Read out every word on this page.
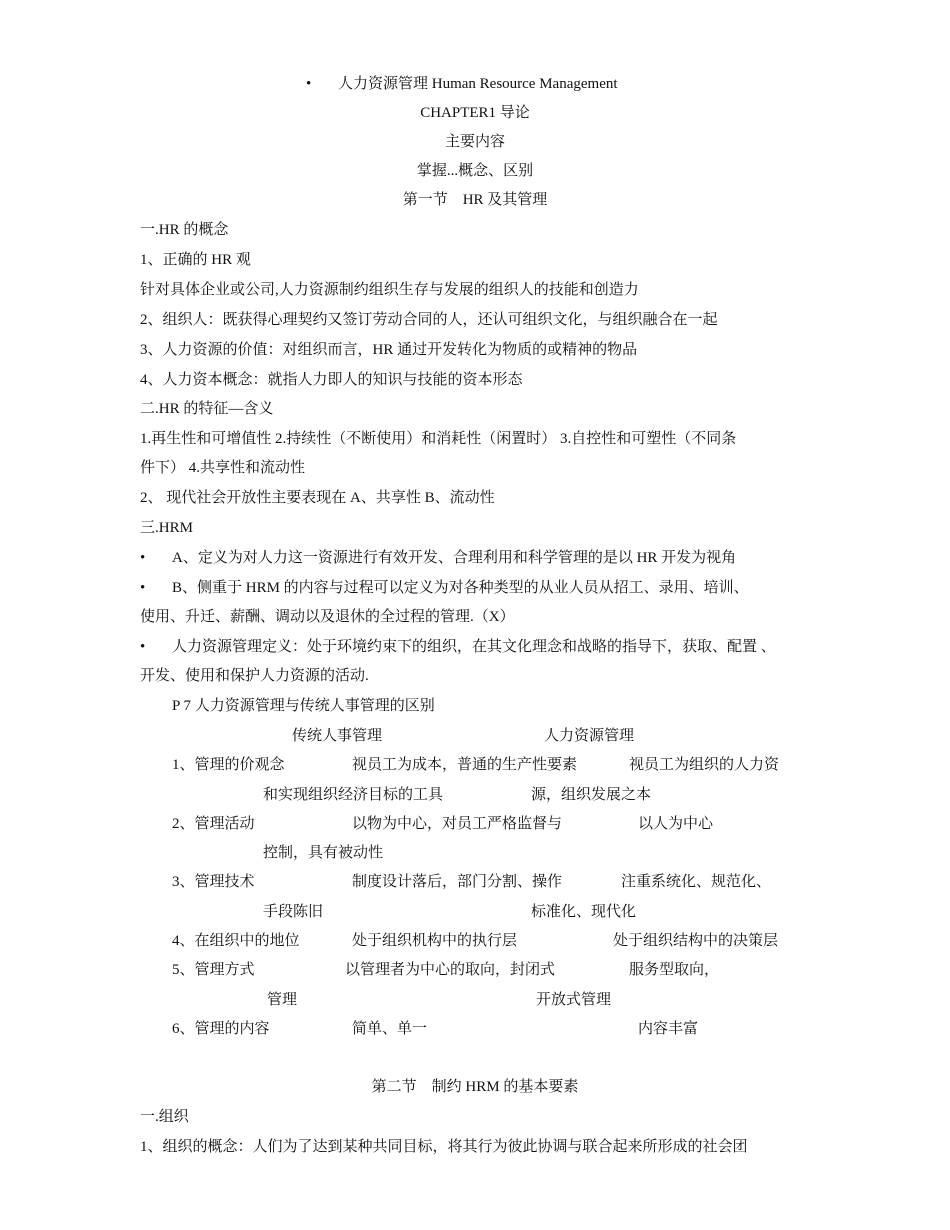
• 人力资源管理 Human Resource Management
CHAPTER1 导论
主要内容
掌握...概念、区别
第一节　HR 及其管理
一.HR 的概念
1、正确的 HR 观
针对具体企业或公司,人力资源制约组织生存与发展的组织人的技能和创造力
2、组织人：既获得心理契约又签订劳动合同的人，还认可组织文化，与组织融合在一起
3、人力资源的价值：对组织而言，HR 通过开发转化为物质的或精神的物品
4、人力资本概念：就指人力即人的知识与技能的资本形态
二.HR 的特征—含义
1.再生性和可增值性 2.持续性（不断使用）和消耗性（闲置时） 3.自控性和可塑性（不同条
件下） 4.共享性和流动性
2、 现代社会开放性主要表现在 A、共享性 B、流动性
三.HRM
• A、定义为对人力这一资源进行有效开发、合理利用和科学管理的是以 HR 开发为视角
• B、侧重于 HRM 的内容与过程可以定义为对各种类型的从业人员从招工、录用、培训、
使用、升迁、薪酬、调动以及退休的全过程的管理.（X）
• 人力资源管理定义：处于环境约束下的组织，在其文化理念和战略的指导下，获取、配置 、
开发、使用和保护人力资源的活动.
P 7 人力资源管理与传统人事管理的区别
传统人事管理	人力资源管理
1、管理的价观念	视员工为成本，普通的生产性要素	视员工为组织的人力资
和实现组织经济目标的工具	源，组织发展之本
2、管理活动	以物为中心，对员工严格监督与	以人为中心
控制，具有被动性
3、管理技术	制度设计落后，部门分割、操作	注重系统化、规范化、
手段陈旧	标准化、现代化
4、在组织中的地位	处于组织机构中的执行层	处于组织结构中的决策层
5、管理方式	以管理者为中心的取向，封闭式	服务型取向，
管理	开放式管理
6、管理的内容	简单、单一	内容丰富
第二节　制约 HRM 的基本要素
一.组织
1、组织的概念：人们为了达到某种共同目标，将其行为彼此协调与联合起来所形成的社会团
